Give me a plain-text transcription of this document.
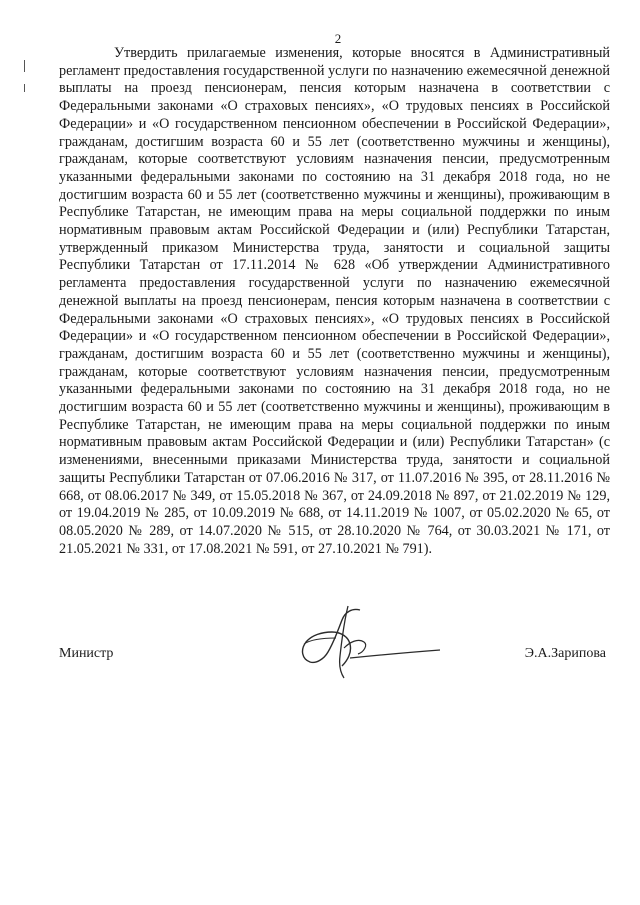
2

Утвердить прилагаемые изменения, которые вносятся в Административный регламент предоставления государственной услуги по назначению ежемесячной денежной выплаты на проезд пенсионерам, пенсия которым назначена в соответствии с Федеральными законами «О страховых пенсиях», «О трудовых пенсиях в Российской Федерации» и «О государственном пенсионном обеспечении в Российской Федерации», гражданам, достигшим возраста 60 и 55 лет (соответственно мужчины и женщины), гражданам, которые соответствуют условиям назначения пенсии, предусмотренным указанными федеральными законами по состоянию на 31 декабря 2018 года, но не достигшим возраста 60 и 55 лет (соответственно мужчины и женщины), проживающим в Республике Татарстан, не имеющим права на меры социальной поддержки по иным нормативным правовым актам Российской Федерации и (или) Республики Татарстан, утвержденный приказом Министерства труда, занятости и социальной защиты Республики Татарстан от 17.11.2014 № 628 «Об утверждении Административного регламента предоставления государственной услуги по назначению ежемесячной денежной выплаты на проезд пенсионерам, пенсия которым назначена в соответствии с Федеральными законами «О страховых пенсиях», «О трудовых пенсиях в Российской Федерации» и «О государственном пенсионном обеспечении в Российской Федерации», гражданам, достигшим возраста 60 и 55 лет (соответственно мужчины и женщины), гражданам, которые соответствуют условиям назначения пенсии, предусмотренным указанными федеральными законами по состоянию на 31 декабря 2018 года, но не достигшим возраста 60 и 55 лет (соответственно мужчины и женщины), проживающим в Республике Татарстан, не имеющим права на меры социальной поддержки по иным нормативным правовым актам Российской Федерации и (или) Республики Татарстан» (с изменениями, внесенными приказами Министерства труда, занятости и социальной защиты Республики Татарстан от 07.06.2016 № 317, от 11.07.2016 № 395, от 28.11.2016 № 668, от 08.06.2017 № 349, от 15.05.2018 № 367, от 24.09.2018 № 897, от 21.02.2019 № 129, от 19.04.2019 № 285, от 10.09.2019 № 688, от 14.11.2019 № 1007, от 05.02.2020 № 65, от 08.05.2020 № 289, от 14.07.2020 № 515, от 28.10.2020 № 764, от 30.03.2021 № 171, от 21.05.2021 № 331, от 17.08.2021 № 591, от 27.10.2021 № 791).

Министр	Э.А.Зарипова
